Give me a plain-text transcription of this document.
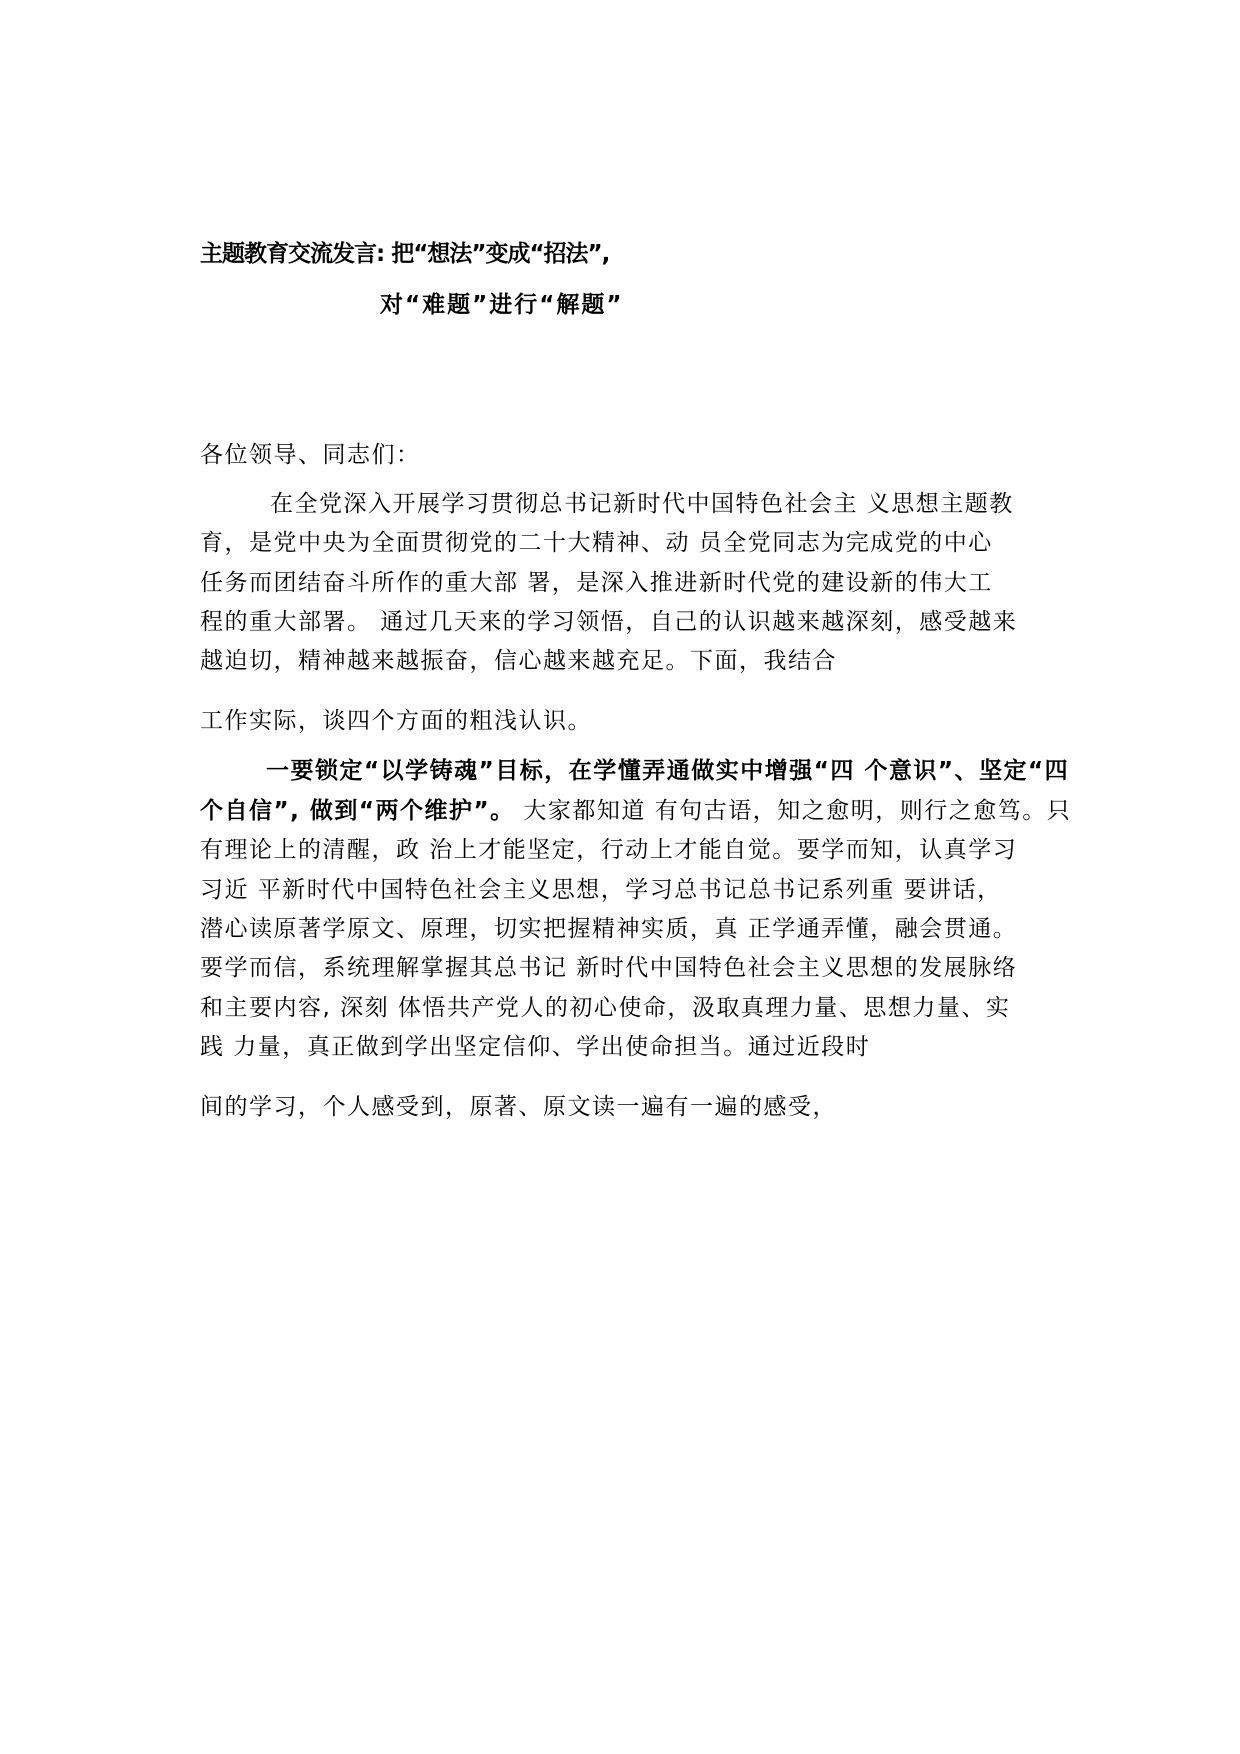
主题教育交流发言: 把“想法”变成“招法”,
对“难题”进行“解题”
各位领导、同志们：
在全党深入开展学习贯彻总书记新时代中国特色社会主 义思想主题教
育，是党中央为全面贯彻党的二十大精神、动 员全党同志为完成党的中心
任务而团结奋斗所作的重大部 署，是深入推进新时代党的建设新的伟大工
程的重大部署。 通过几天来的学习领悟，自己的认识越来越深刻，感受越来
越迫切，精神越来越振奋，信心越来越充足。下面，我结合
工作实际，谈四个方面的粗浅认识。
一要锁定“以学铸魂”目标，在学懂弄通做实中增强“四 个意识”、坚定“四
个自信”, 做到“两个维护”。 大家都知道 有句古语，知之愈明，则行之愈笃。只
有理论上的清醒，政 治上才能坚定，行动上才能自觉。要学而知，认真学习
习近 平新时代中国特色社会主义思想，学习总书记总书记系列重 要讲话，
潜心读原著学原文、原理，切实把握精神实质，真 正学通弄懂，融会贯通。
要学而信，系统理解掌握其总书记 新时代中国特色社会主义思想的发展脉络
和主要内容, 深刻 体悟共产党人的初心使命，汲取真理力量、思想力量、实
践 力量，真正做到学出坚定信仰、学出使命担当。通过近段时
间的学习，个人感受到，原著、原文读一遍有一遍的感受，
